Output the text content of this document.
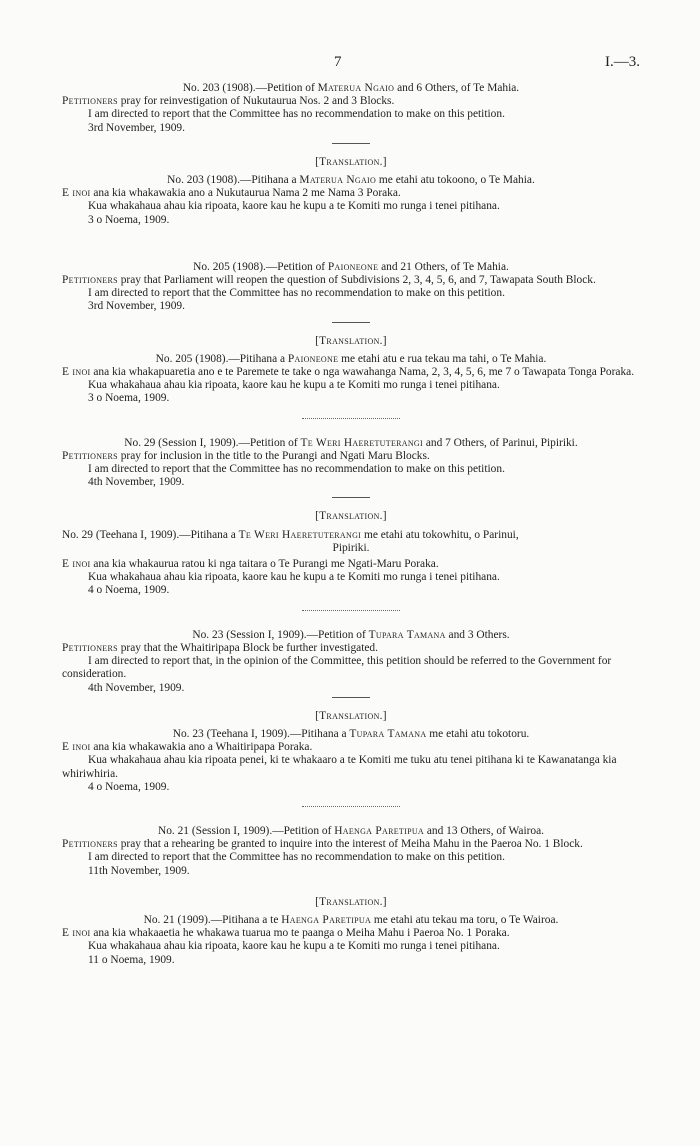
7	I.—3.
No. 203 (1908).—Petition of Materua Ngaio and 6 Others, of Te Mahia.
Petitioners pray for reinvestigation of Nukutaurua Nos. 2 and 3 Blocks.
I am directed to report that the Committee has no recommendation to make on this petition.
3rd November, 1909.
[Translation.]
No. 203 (1908).—Pitihana a Materua Ngaio me etahi atu tokoono, o Te Mahia.
E inoi ana kia whakawakia ano a Nukutaurua Nama 2 me Nama 3 Poraka.
Kua whakahaua ahau kia ripoata, kaore kau he kupu a te Komiti mo runga i tenei pitihana.
3 o Noema, 1909.
No. 205 (1908).—Petition of Paioneone and 21 Others, of Te Mahia.
Petitioners pray that Parliament will reopen the question of Subdivisions 2, 3, 4, 5, 6, and 7, Tawapata South Block.
I am directed to report that the Committee has no recommendation to make on this petition.
3rd November, 1909.
[Translation.]
No. 205 (1908).—Pitihana a Paioneone me etahi atu e rua tekau ma tahi, o Te Mahia.
E inoi ana kia whakapuaretia ano e te Paremete te take o nga wawahanga Nama, 2, 3, 4, 5, 6, me 7 o Tawapata Tonga Poraka.
Kua whakahaua ahau kia ripoata, kaore kau he kupu a te Komiti mo runga i tenei pitihana.
3 o Noema, 1909.
No. 29 (Session I, 1909).—Petition of Te Weri Haeretuterangi and 7 Others, of Parinui, Pipiriki.
Petitioners pray for inclusion in the title to the Purangi and Ngati Maru Blocks.
I am directed to report that the Committee has no recommendation to make on this petition.
4th November, 1909.
[Translation.]
No. 29 (Teehana I, 1909).—Pitihana a Te Weri Haeretuterangi me etahi atu tokowhitu, o Parinui,
Pipiriki.
E inoi ana kia whakaurua ratou ki nga taitara o Te Purangi me Ngati-Maru Poraka.
Kua whakahaua ahau kia ripoata, kaore kau he kupu a te Komiti mo runga i tenei pitihana.
4 o Noema, 1909.
No. 23 (Session I, 1909).—Petition of Tupara Tamana and 3 Others.
Petitioners pray that the Whaitiripapa Block be further investigated.
I am directed to report that, in the opinion of the Committee, this petition should be referred to the Government for consideration.
4th November, 1909.
[Translation.]
No. 23 (Teehana I, 1909).—Pitihana a Tupara Tamana me etahi atu tokotoru.
E inoi ana kia whakawakia ano a Whaitiripapa Poraka.
Kua whakahaua ahau kia ripoata penei, ki te whakaaro a te Komiti me tuku atu tenei pitihana ki te Kawanatanga kia whiriwhiria.
4 o Noema, 1909.
No. 21 (Session I, 1909).—Petition of Haenga Paretipua and 13 Others, of Wairoa.
Petitioners pray that a rehearing be granted to inquire into the interest of Meiha Mahu in the Paeroa No. 1 Block.
I am directed to report that the Committee has no recommendation to make on this petition.
11th November, 1909.
[Translation.]
No. 21 (1909).—Pitihana a te Haenga Paretipua me etahi atu tekau ma toru, o Te Wairoa.
E inoi ana kia whakaaetia he whakawa tuarua mo te paanga o Meiha Mahu i Paeroa No. 1 Poraka.
Kua whakahaua ahau kia ripoata, kaore kau he kupu a te Komiti mo runga i tenei pitihana.
11 o Noema, 1909.
